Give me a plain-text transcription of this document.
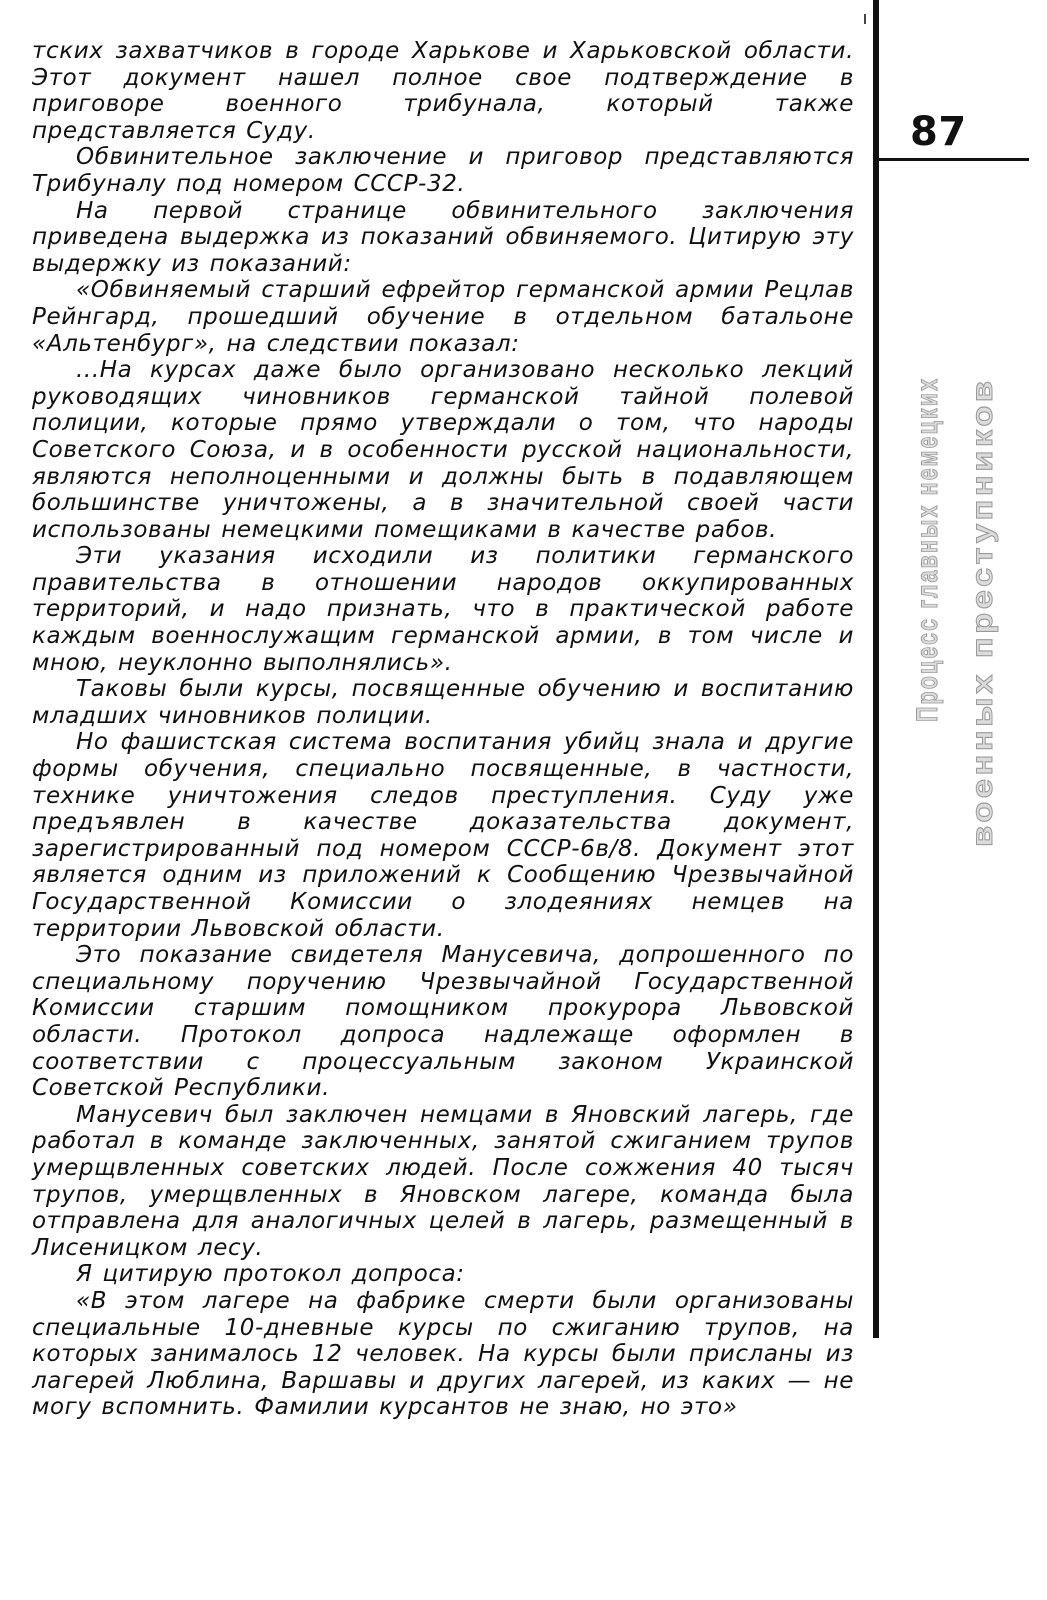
87
Процесс главных немецких военных преступников

тских захватчиков в городе Харькове и Харьковской области. Этот документ нашел полное свое подтверждение в приговоре военного трибунала, который также представляется Суду.

Обвинительное заключение и приговор представляются Трибуналу под номером СССР-32.

На первой странице обвинительного заключения приведена выдержка из показаний обвиняемого. Цитирую эту выдержку из показаний:

«Обвиняемый старший ефрейтор германской армии Рецлав Рейнгард, прошедший обучение в отдельном батальоне «Альтенбург», на следствии показал:

...На курсах даже было организовано несколько лекций руководящих чиновников германской тайной полевой полиции, которые прямо утверждали о том, что народы Советского Союза, и в особенности русской национальности, являются неполноценными и должны быть в подавляющем большинстве уничтожены, а в значительной своей части использованы немецкими помещиками в качестве рабов.

Эти указания исходили из политики германского правительства в отношении народов оккупированных территорий, и надо признать, что в практической работе каждым военнослужащим германской армии, в том числе и мною, неуклонно выполнялись».

Таковы были курсы, посвященные обучению и воспитанию младших чиновников полиции.

Но фашистская система воспитания убийц знала и другие формы обучения, специально посвященные, в частности, технике уничтожения следов преступления. Суду уже предъявлен в качестве доказательства документ, зарегистрированный под номером СССР-6в/8. Документ этот является одним из приложений к Сообщению Чрезвычайной Государственной Комиссии о злодеяниях немцев на территории Львовской области.

Это показание свидетеля Манусевича, допрошенного по специальному поручению Чрезвычайной Государственной Комиссии старшим помощником прокурора Львовской области. Протокол допроса надлежаще оформлен в соответствии с процессуальным законом Украинской Советской Республики.

Манусевич был заключен немцами в Яновский лагерь, где работал в команде заключенных, занятой сжиганием трупов умерщвленных советских людей. После сожжения 40 тысяч трупов, умерщвленных в Яновском лагере, команда была отправлена для аналогичных целей в лагерь, размещенный в Лисеницком лесу.

Я цитирую протокол допроса:

«В этом лагере на фабрике смерти были организованы специальные 10-дневные курсы по сжиганию трупов, на которых занималось 12 человек. На курсы были присланы из лагерей Люблина, Варшавы и других лагерей, из каких — не могу вспомнить. Фамилии курсантов не знаю, но это»
